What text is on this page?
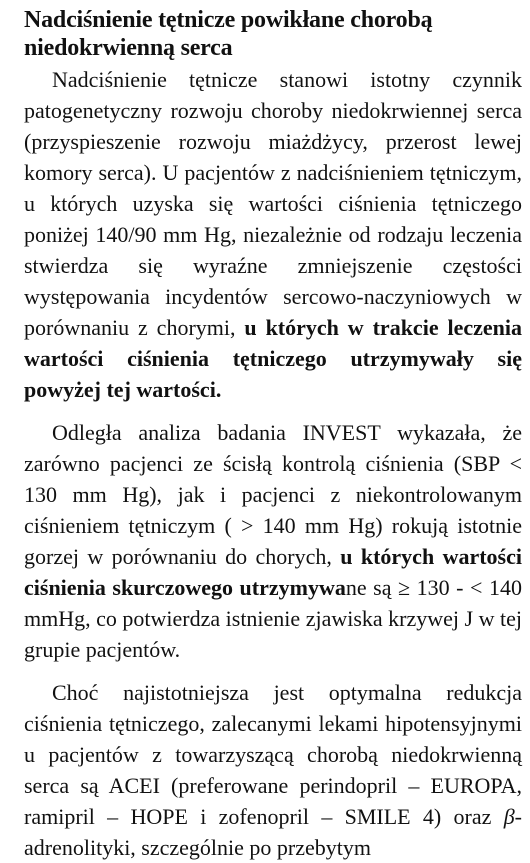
Nadciśnienie tętnicze powikłane chorobą niedokrwienną serca

Nadciśnienie tętnicze stanowi istotny czynnik patogenetyczny rozwoju choroby niedokrwiennej serca (przyspieszenie rozwoju miażdżycy, przerost lewej komory serca). U pacjentów z nadciśnieniem tętniczym, u których uzyska się wartości ciśnienia tętniczego poniżej 140/90 mm Hg, niezależnie od rodzaju leczenia stwierdza się wyraźne zmniejszenie częstości występowania incydentów sercowo-naczyniowych w porównaniu z chorymi, u których w trakcie leczenia wartości ciśnienia tętniczego utrzymywały się powyżej tej wartości.

Odległa analiza badania INVEST wykazała, że zarówno pacjenci ze ścisłą kontrolą ciśnienia (SBP < 130 mm Hg), jak i pacjenci z niekontrolowanym ciśnieniem tętniczym ( > 140 mm Hg) rokują istotnie gorzej w porównaniu do chorych, u których wartości ciśnienia skurczowego utrzymywane są ≥ 130 - < 140 mmHg, co potwierdza istnienie zjawiska krzywej J w tej grupie pacjentów.

Choć najistotniejsza jest optymalna redukcja ciśnienia tętniczego, zalecanymi lekami hipotensyjnymi u pacjentów z towarzyszącą chorobą niedokrwienną serca są ACEI (preferowane perindopril – EUROPA, ramipril – HOPE i zofenopril – SMILE 4) oraz β-adrenolityki, szczególnie po przebytym
